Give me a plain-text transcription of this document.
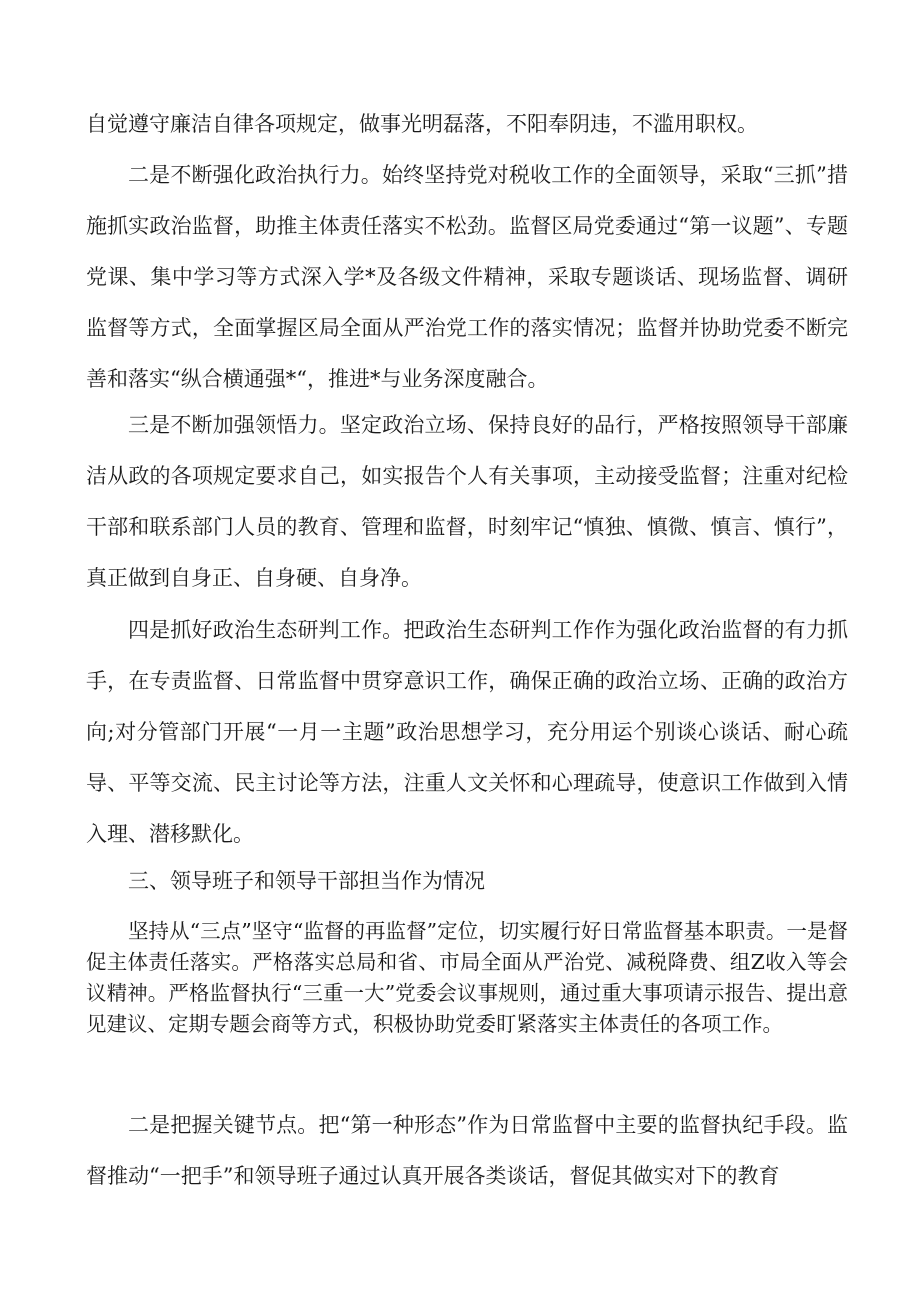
自觉遵守廉洁自律各项规定，做事光明磊落，不阳奉阴违，不滥用职权。

二是不断强化政治执行力。始终坚持党对税收工作的全面领导，采取“三抓”措施抓实政治监督，助推主体责任落实不松劲。监督区局党委通过“第一议题”、专题党课、集中学习等方式深入学*及各级文件精神，采取专题谈话、现场监督、调研监督等方式，全面掌握区局全面从严治党工作的落实情况；监督并协助党委不断完善和落实“纵合横通强*“，推进*与业务深度融合。

三是不断加强领悟力。坚定政治立场、保持良好的品行，严格按照领导干部廉洁从政的各项规定要求自己，如实报告个人有关事项，主动接受监督；注重对纪检干部和联系部门人员的教育、管理和监督，时刻牢记“慎独、慎微、慎言、慎行”，真正做到自身正、自身硬、自身净。

四是抓好政治生态研判工作。把政治生态研判工作作为强化政治监督的有力抓手，在专责监督、日常监督中贯穿意识工作，确保正确的政治立场、正确的政治方向;对分管部门开展“一月一主题”政治思想学习，充分用运个别谈心谈话、耐心疏导、平等交流、民主讨论等方法，注重人文关怀和心理疏导，使意识工作做到入情入理、潜移默化。

三、领导班子和领导干部担当作为情况

坚持从“三点”坚守“监督的再监督”定位，切实履行好日常监督基本职责。一是督促主体责任落实。严格落实总局和省、市局全面从严治党、减税降费、组Z收入等会议精神。严格监督执行“三重一大”党委会议事规则，通过重大事项请示报告、提出意见建议、定期专题会商等方式，积极协助党委盯紧落实主体责任的各项工作。

二是把握关键节点。把“第一种形态”作为日常监督中主要的监督执纪手段。监督推动“一把手”和领导班子通过认真开展各类谈话，督促其做实对下的教育
